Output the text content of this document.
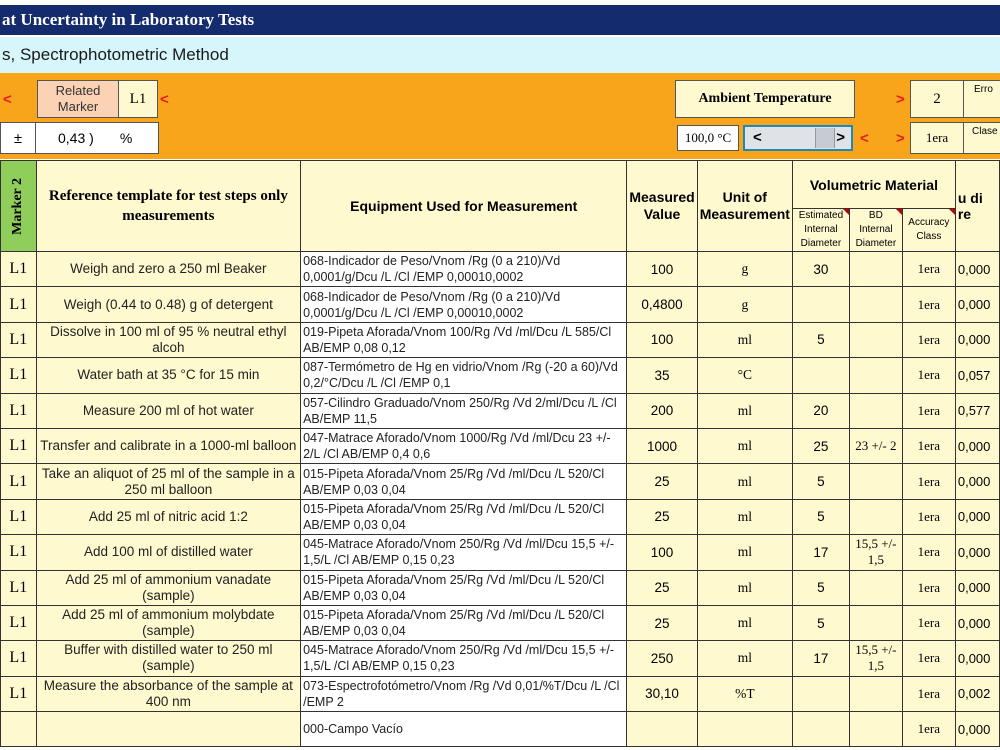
at Uncertainty in Laboratory Tests
s, Spectrophotometric Method
<
Related Marker	L1 <
±	0,43 ) %
Ambient Temperature
100,0 °C	<	> <
>
>
2
Erro
1era	Clase
Marker 2	Reference template for test steps only measurements	Equipment Used for Measurement	Measured Value	Unit of Measurement	Volumetric Material			u di re
					Estimated Internal Diameter	BD Internal Diameter	Accuracy Class	

L1	Weigh and zero a 250 ml Beaker	068-Indicador de Peso/Vnom /Rg (0 a 210)/Vd 0,0001/g/Dcu /L /Cl /EMP 0,00010,0002	100	g	30		1era	0,000
L1	Weigh (0.44 to 0.48) g of detergent	068-Indicador de Peso/Vnom /Rg (0 a 210)/Vd 0,0001/g/Dcu /L /Cl /EMP 0,00010,0002	0,4800	g			1era	0,000
L1	Dissolve in 100 ml of 95 % neutral ethyl alcoh	019-Pipeta Aforada/Vnom 100/Rg /Vd /ml/Dcu /L 585/Cl AB/EMP 0,08 0,12	100	ml	5		1era	0,000
L1	Water bath at 35 °C for 15 min	087-Termómetro de Hg en vidrio/Vnom /Rg (-20 a 60)/Vd 0,2/°C/Dcu /L /Cl /EMP 0,1	35	°C			1era	0,057
L1	Measure 200 ml of hot water	057-Cilindro Graduado/Vnom 250/Rg /Vd 2/ml/Dcu /L /Cl AB/EMP 11,5	200	ml	20		1era	0,577
L1	Transfer and calibrate in a 1000-ml balloon	047-Matrace Aforado/Vnom 1000/Rg /Vd /ml/Dcu 23 +/- 2/L /Cl AB/EMP 0,4 0,6	1000	ml	25	23 +/- 2	1era	0,000
L1	Take an aliquot of 25 ml of the sample in a 250 ml balloon	015-Pipeta Aforada/Vnom 25/Rg /Vd /ml/Dcu /L 520/Cl AB/EMP 0,03 0,04	25	ml	5		1era	0,000
L1	Add 25 ml of nitric acid 1:2	015-Pipeta Aforada/Vnom 25/Rg /Vd /ml/Dcu /L 520/Cl AB/EMP 0,03 0,04	25	ml	5		1era	0,000
L1	Add 100 ml of distilled water	045-Matrace Aforado/Vnom 250/Rg /Vd /ml/Dcu 15,5 +/- 1,5/L /Cl AB/EMP 0,15 0,23	100	ml	17	15,5 +/- 1,5	1era	0,000
L1	Add 25 ml of ammonium vanadate (sample)	015-Pipeta Aforada/Vnom 25/Rg /Vd /ml/Dcu /L 520/Cl AB/EMP 0,03 0,04	25	ml	5		1era	0,000
L1	Add 25 ml of ammonium molybdate (sample)	015-Pipeta Aforada/Vnom 25/Rg /Vd /ml/Dcu /L 520/Cl AB/EMP 0,03 0,04	25	ml	5		1era	0,000
L1	Buffer with distilled water to 250 ml (sample)	045-Matrace Aforado/Vnom 250/Rg /Vd /ml/Dcu 15,5 +/- 1,5/L /Cl AB/EMP 0,15 0,23	250	ml	17	15,5 +/- 1,5	1era	0,000
L1	Measure the absorbance of the sample at 400 nm	073-Espectrofotómetro/Vnom /Rg /Vd 0,01/%T/Dcu /L /Cl /EMP 2	30,10	%T			1era	0,002
		000-Campo Vacío					1era	0,000
